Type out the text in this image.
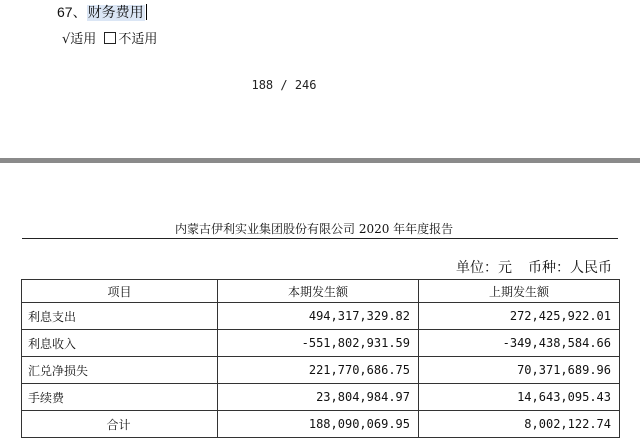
67、财务费用
√适用 不适用
188 / 246
内蒙古伊利实业集团股份有限公司 2020 年年度报告
单位：元 币种：人民币
项目	本期发生额	上期发生额
利息支出	494,317,329.82	272,425,922.01
利息收入	-551,802,931.59	-349,438,584.66
汇兑净损失	221,770,686.75	70,371,689.96
手续费	23,804,984.97	14,643,095.43
合计	188,090,069.95	8,002,122.74
